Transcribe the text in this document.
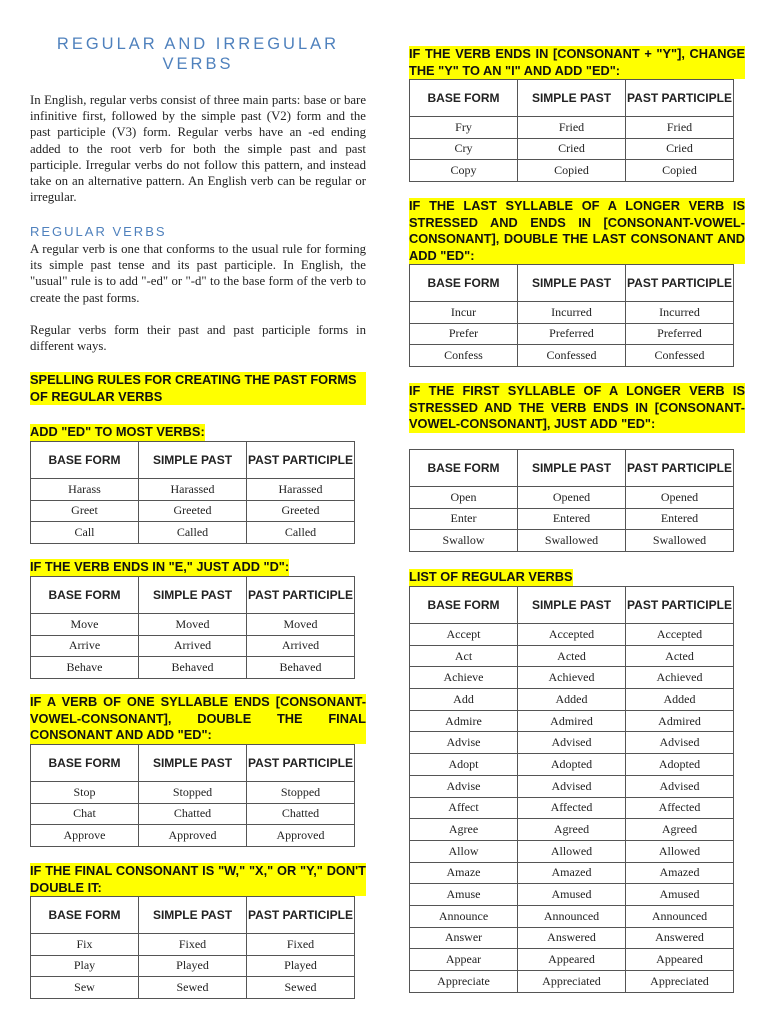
REGULAR AND IRREGULAR
VERBS

In English, regular verbs consist of three main parts: base or bare infinitive first, followed by the simple past (V2) form and the past participle (V3) form. Regular verbs have an -ed ending added to the root verb for both the simple past and past participle. Irregular verbs do not follow this pattern, and instead take on an alternative pattern. An English verb can be regular or irregular.

REGULAR VERBS

A regular verb is one that conforms to the usual rule for forming its simple past tense and its past participle. In English, the "usual" rule is to add "-ed" or "-d" to the base form of the verb to create the past forms.

Regular verbs form their past and past participle forms in different ways.

SPELLING RULES FOR CREATING THE PAST FORMS OF REGULAR VERBS

ADD "ED" TO MOST VERBS:

BASE FORM	SIMPLE PAST	PAST PARTICIPLE
Harass	Harassed	Harassed
Greet	Greeted	Greeted
Call	Called	Called

IF THE VERB ENDS IN "E," JUST ADD "D":

BASE FORM	SIMPLE PAST	PAST PARTICIPLE
Move	Moved	Moved
Arrive	Arrived	Arrived
Behave	Behaved	Behaved

IF A VERB OF ONE SYLLABLE ENDS [CONSONANT-VOWEL-CONSONANT], DOUBLE THE FINAL CONSONANT AND ADD "ED":

BASE FORM	SIMPLE PAST	PAST PARTICIPLE
Stop	Stopped	Stopped
Chat	Chatted	Chatted
Approve	Approved	Approved

IF THE FINAL CONSONANT IS "W," "X," OR "Y," DON'T DOUBLE IT:

BASE FORM	SIMPLE PAST	PAST PARTICIPLE
Fix	Fixed	Fixed
Play	Played	Played
Sew	Sewed	Sewed

IF THE VERB ENDS IN [CONSONANT + "Y"], CHANGE THE "Y" TO AN "I" AND ADD "ED":

BASE FORM	SIMPLE PAST	PAST PARTICIPLE
Fry	Fried	Fried
Cry	Cried	Cried
Copy	Copied	Copied

IF THE LAST SYLLABLE OF A LONGER VERB IS STRESSED AND ENDS IN [CONSONANT-VOWEL-CONSONANT], DOUBLE THE LAST CONSONANT AND ADD "ED":

BASE FORM	SIMPLE PAST	PAST PARTICIPLE
Incur	Incurred	Incurred
Prefer	Preferred	Preferred
Confess	Confessed	Confessed

IF THE FIRST SYLLABLE OF A LONGER VERB IS STRESSED AND THE VERB ENDS IN [CONSONANT-VOWEL-CONSONANT], JUST ADD "ED":

BASE FORM	SIMPLE PAST	PAST PARTICIPLE
Open	Opened	Opened
Enter	Entered	Entered
Swallow	Swallowed	Swallowed

LIST OF REGULAR VERBS

BASE FORM	SIMPLE PAST	PAST PARTICIPLE
Accept	Accepted	Accepted
Act	Acted	Acted
Achieve	Achieved	Achieved
Add	Added	Added
Admire	Admired	Admired
Advise	Advised	Advised
Adopt	Adopted	Adopted
Advise	Advised	Advised
Affect	Affected	Affected
Agree	Agreed	Agreed
Allow	Allowed	Allowed
Amaze	Amazed	Amazed
Amuse	Amused	Amused
Announce	Announced	Announced
Answer	Answered	Answered
Appear	Appeared	Appeared
Appreciate	Appreciated	Appreciated
